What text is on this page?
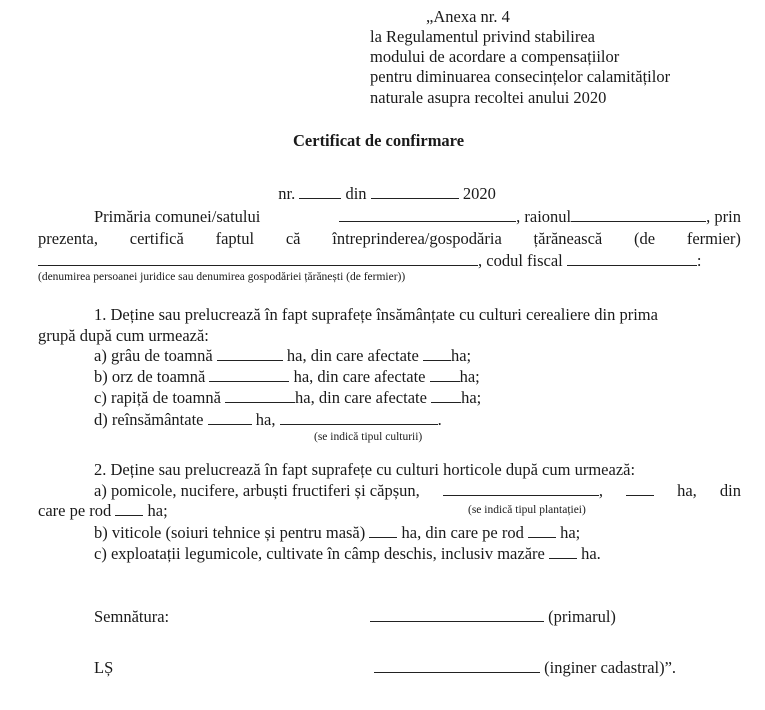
„Anexa nr. 4
la Regulamentul privind stabilirea
modului de acordare a compensațiilor
pentru diminuarea consecințelor calamităților
naturale asupra recoltei anului 2020
Certificat de confirmare

nr.	din	2020

Primăria comunei/satului	, raionul	, prin
prezenta, certifică faptul că întreprinderea/gospodăria țărănească (de fermier)
, codul fiscal	:
(denumirea persoanei juridice sau denumirea gospodăriei țărănești (de fermier))
1. Deține sau prelucrează în fapt suprafețe însămânțate cu culturi cerealiere din prima
grupă după cum urmează:
a) grâu de toamnă	ha, din care afectate ha;
b) orz de toamnă	ha, din care afectate ha;
c) rapiță de toamnă	ha, din care afectate ha;
d) reînsământate	ha,	.
(se indică tipul culturii)
2. Deține sau prelucrează în fapt suprafețe cu culturi horticole după cum urmează:
a) pomicole, nucifere, arbuști fructiferi și căpșun,	,	ha, din
care pe rod ha;	(se indică tipul plantației)
b) viticole (soiuri tehnice și pentru masă) ha, din care pe rod ha;
c) exploatații legumicole, cultivate în câmp deschis, inclusiv mazăre ha.
Semnătura:	(primarul)
LȘ	(inginer cadastral)”.
